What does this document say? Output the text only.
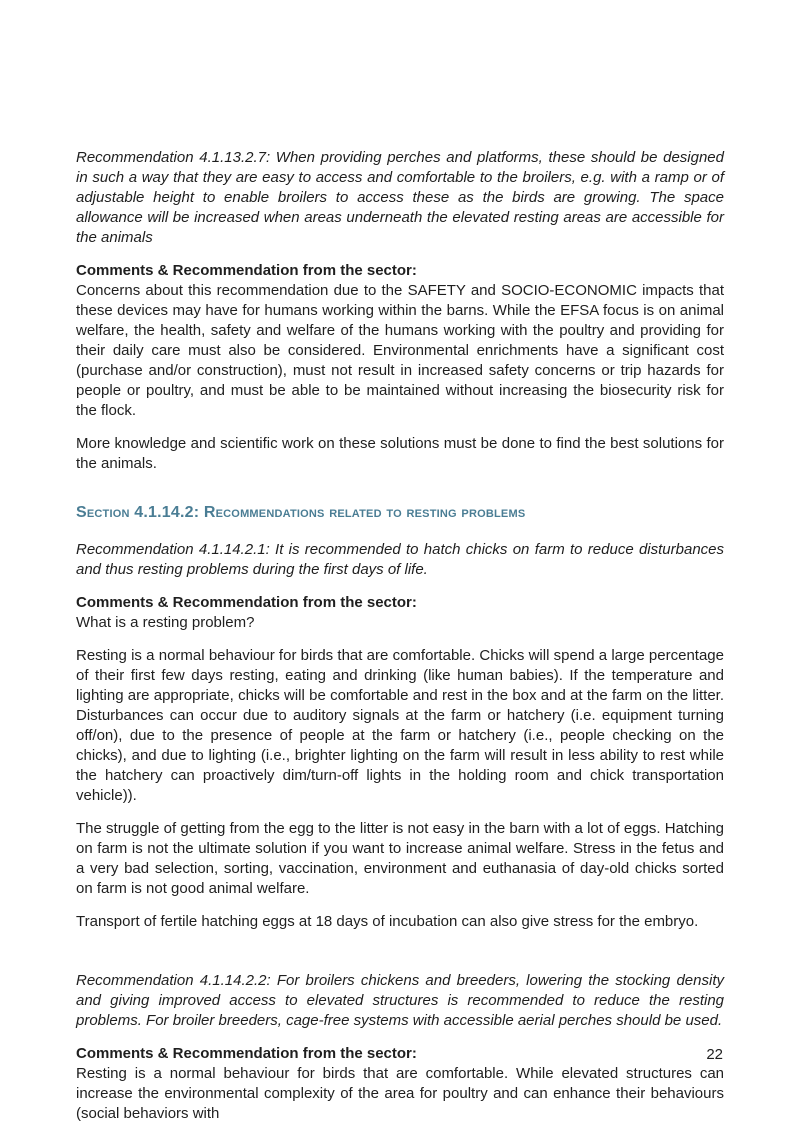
Recommendation 4.1.13.2.7: When providing perches and platforms, these should be designed in such a way that they are easy to access and comfortable to the broilers, e.g. with a ramp or of adjustable height to enable broilers to access these as the birds are growing. The space allowance will be increased when areas underneath the elevated resting areas are accessible for the animals

Comments & Recommendation from the sector:

Concerns about this recommendation due to the SAFETY and SOCIO-ECONOMIC impacts that these devices may have for humans working within the barns. While the EFSA focus is on animal welfare, the health, safety and welfare of the humans working with the poultry and providing for their daily care must also be considered. Environmental enrichments have a significant cost (purchase and/or construction), must not result in increased safety concerns or trip hazards for people or poultry, and must be able to be maintained without increasing the biosecurity risk for the flock.

More knowledge and scientific work on these solutions must be done to find the best solutions for the animals.

Section 4.1.14.2: Recommendations related to resting problems

Recommendation 4.1.14.2.1: It is recommended to hatch chicks on farm to reduce disturbances and thus resting problems during the first days of life.

Comments & Recommendation from the sector:

What is a resting problem?

Resting is a normal behaviour for birds that are comfortable. Chicks will spend a large percentage of their first few days resting, eating and drinking (like human babies). If the temperature and lighting are appropriate, chicks will be comfortable and rest in the box and at the farm on the litter. Disturbances can occur due to auditory signals at the farm or hatchery (i.e. equipment turning off/on), due to the presence of people at the farm or hatchery (i.e., people checking on the chicks), and due to lighting (i.e., brighter lighting on the farm will result in less ability to rest while the hatchery can proactively dim/turn-off lights in the holding room and chick transportation vehicle)).

The struggle of getting from the egg to the litter is not easy in the barn with a lot of eggs. Hatching on farm is not the ultimate solution if you want to increase animal welfare. Stress in the fetus and a very bad selection, sorting, vaccination, environment and euthanasia of day-old chicks sorted on farm is not good animal welfare.

Transport of fertile hatching eggs at 18 days of incubation can also give stress for the embryo.

Recommendation 4.1.14.2.2: For broilers chickens and breeders, lowering the stocking density and giving improved access to elevated structures is recommended to reduce the resting problems. For broiler breeders, cage-free systems with accessible aerial perches should be used.

Comments & Recommendation from the sector:

Resting is a normal behaviour for birds that are comfortable. While elevated structures can increase the environmental complexity of the area for poultry and can enhance their behaviours (social behaviors with

22
